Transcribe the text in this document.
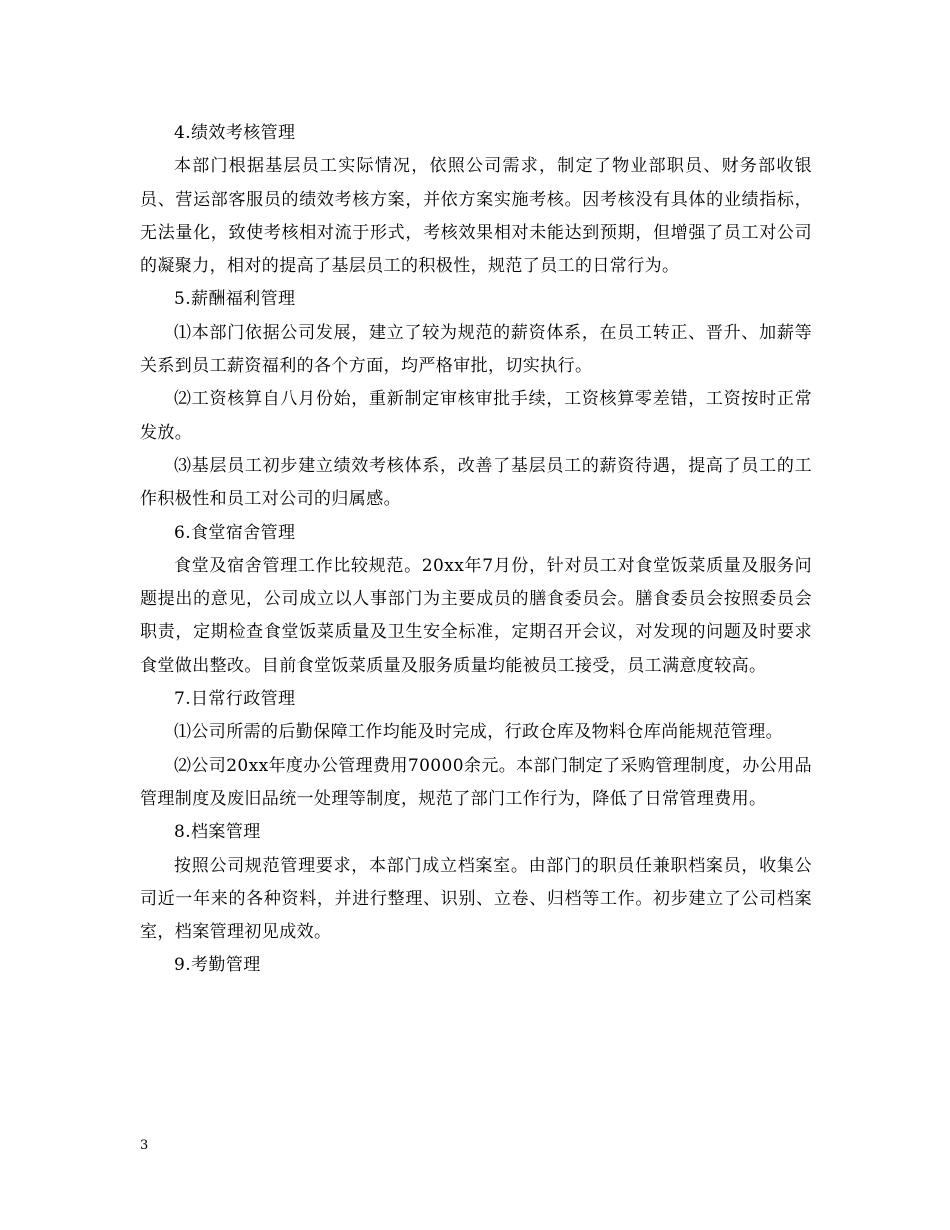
4.绩效考核管理

本部门根据基层员工实际情况，依照公司需求，制定了物业部职员、财务部收银员、营运部客服员的绩效考核方案，并依方案实施考核。因考核没有具体的业绩指标，无法量化，致使考核相对流于形式，考核效果相对未能达到预期，但增强了员工对公司的凝聚力，相对的提高了基层员工的积极性，规范了员工的日常行为。

5.薪酬福利管理

⑴本部门依据公司发展，建立了较为规范的薪资体系，在员工转正、晋升、加薪等关系到员工薪资福利的各个方面，均严格审批，切实执行。

⑵工资核算自八月份始，重新制定审核审批手续，工资核算零差错，工资按时正常发放。

⑶基层员工初步建立绩效考核体系，改善了基层员工的薪资待遇，提高了员工的工作积极性和员工对公司的归属感。

6.食堂宿舍管理

食堂及宿舍管理工作比较规范。20xx年7月份，针对员工对食堂饭菜质量及服务问题提出的意见，公司成立以人事部门为主要成员的膳食委员会。膳食委员会按照委员会职责，定期检查食堂饭菜质量及卫生安全标准，定期召开会议，对发现的问题及时要求食堂做出整改。目前食堂饭菜质量及服务质量均能被员工接受，员工满意度较高。

7.日常行政管理

⑴公司所需的后勤保障工作均能及时完成，行政仓库及物料仓库尚能规范管理。

⑵公司20xx年度办公管理费用70000余元。本部门制定了采购管理制度，办公用品管理制度及废旧品统一处理等制度，规范了部门工作行为，降低了日常管理费用。

8.档案管理

按照公司规范管理要求，本部门成立档案室。由部门的职员任兼职档案员，收集公司近一年来的各种资料，并进行整理、识别、立卷、归档等工作。初步建立了公司档案室，档案管理初见成效。

9.考勤管理

3
